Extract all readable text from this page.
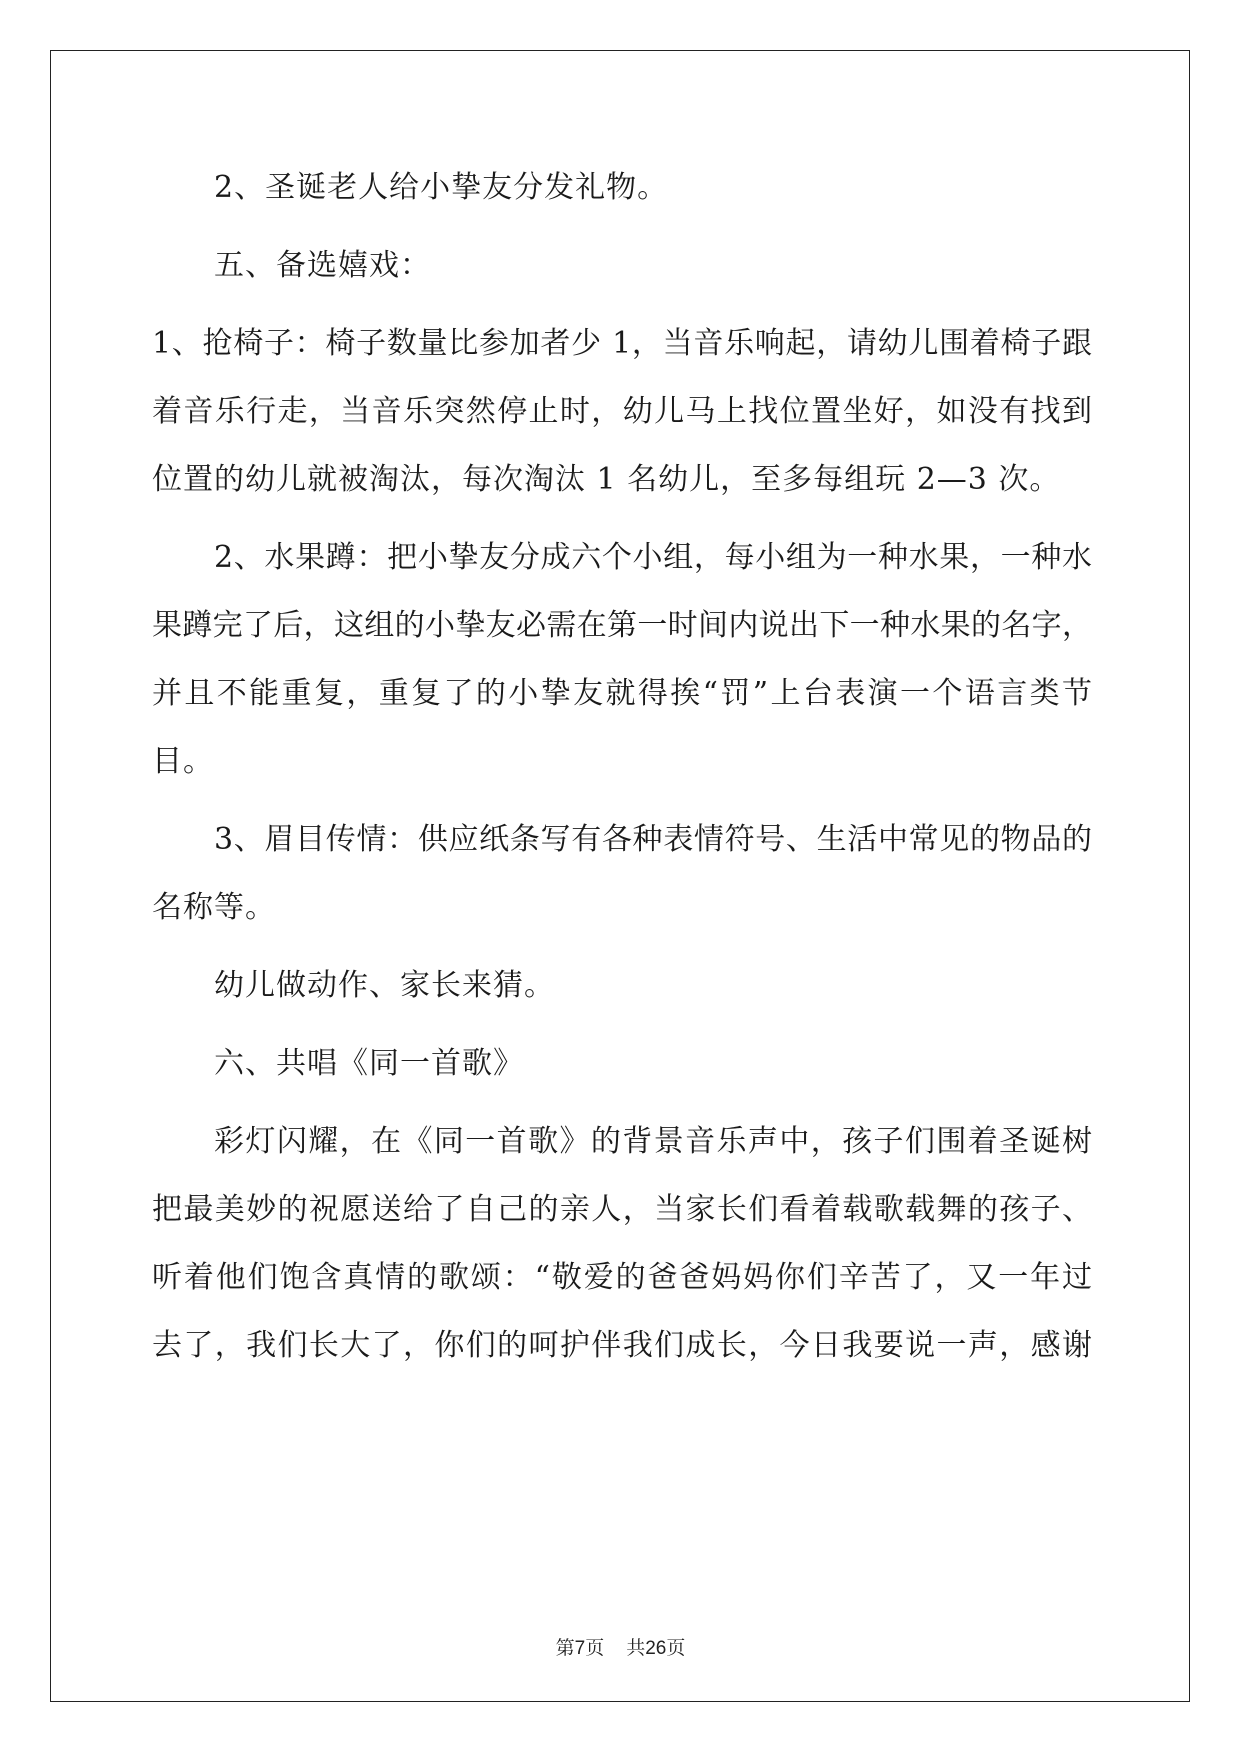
2、圣诞老人给小挚友分发礼物。
五、备选嬉戏：
1、抢椅子：椅子数量比参加者少 1，当音乐响起，请幼儿围着椅子跟
着音乐行走，当音乐突然停止时，幼儿马上找位置坐好，如没有找到
位置的幼儿就被淘汰，每次淘汰 1 名幼儿，至多每组玩 2—3 次。
2、水果蹲：把小挚友分成六个小组，每小组为一种水果，一种水
果蹲完了后，这组的小挚友必需在第一时间内说出下一种水果的名字，
并且不能重复，重复了的小挚友就得挨“罚”上台表演一个语言类节
目。
3、眉目传情：供应纸条写有各种表情符号、生活中常见的物品的
名称等。
幼儿做动作、家长来猜。
六、共唱《同一首歌》
彩灯闪耀，在《同一首歌》的背景音乐声中，孩子们围着圣诞树
把最美妙的祝愿送给了自己的亲人，当家长们看着载歌载舞的孩子、
听着他们饱含真情的歌颂：“敬爱的爸爸妈妈你们辛苦了，又一年过
去了，我们长大了，你们的呵护伴我们成长，今日我要说一声，感谢
第7页 共26页
